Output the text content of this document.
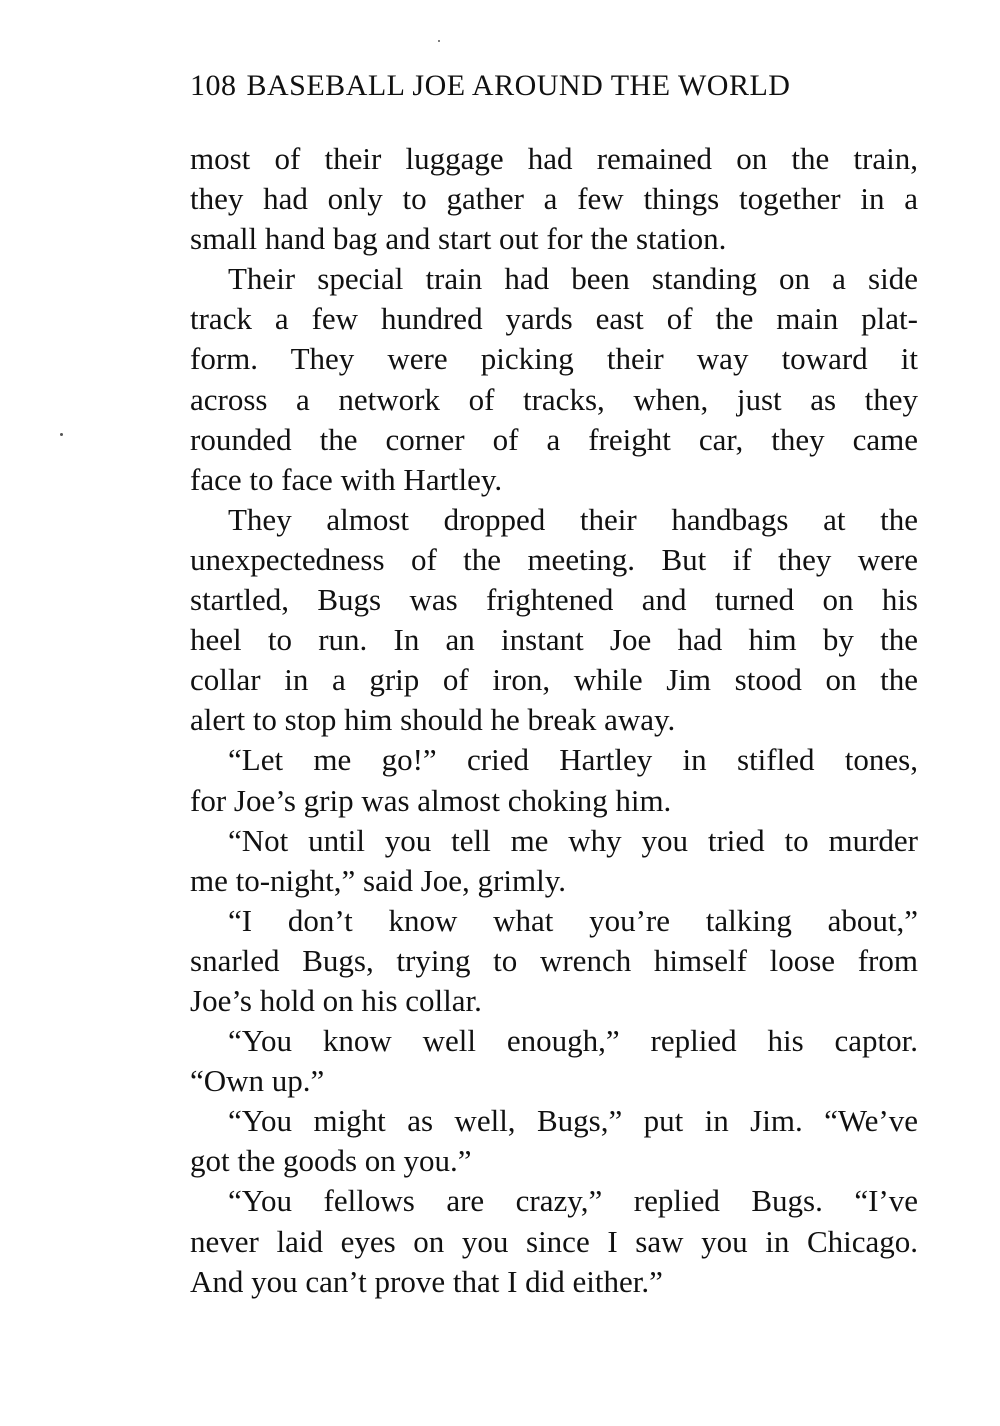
108 BASEBALL JOE AROUND THE WORLD
most of their luggage had remained on the train,
they had only to gather a few things together in a
small hand bag and start out for the station.
Their special train had been standing on a side
track a few hundred yards east of the main plat-
form. They were picking their way toward it
across a network of tracks, when, just as they
rounded the corner of a freight car, they came
face to face with Hartley.
They almost dropped their handbags at the
unexpectedness of the meeting. But if they were
startled, Bugs was frightened and turned on his
heel to run. In an instant Joe had him by the
collar in a grip of iron, while Jim stood on the
alert to stop him should he break away.
“Let me go!” cried Hartley in stifled tones,
for Joe’s grip was almost choking him.
“Not until you tell me why you tried to murder
me to-night,” said Joe, grimly.
“I don’t know what you’re talking about,”
snarled Bugs, trying to wrench himself loose from
Joe’s hold on his collar.
“You know well enough,” replied his captor.
“Own up.”
“You might as well, Bugs,” put in Jim. “We’ve
got the goods on you.”
“You fellows are crazy,” replied Bugs. “I’ve
never laid eyes on you since I saw you in Chicago.
And you can’t prove that I did either.”
